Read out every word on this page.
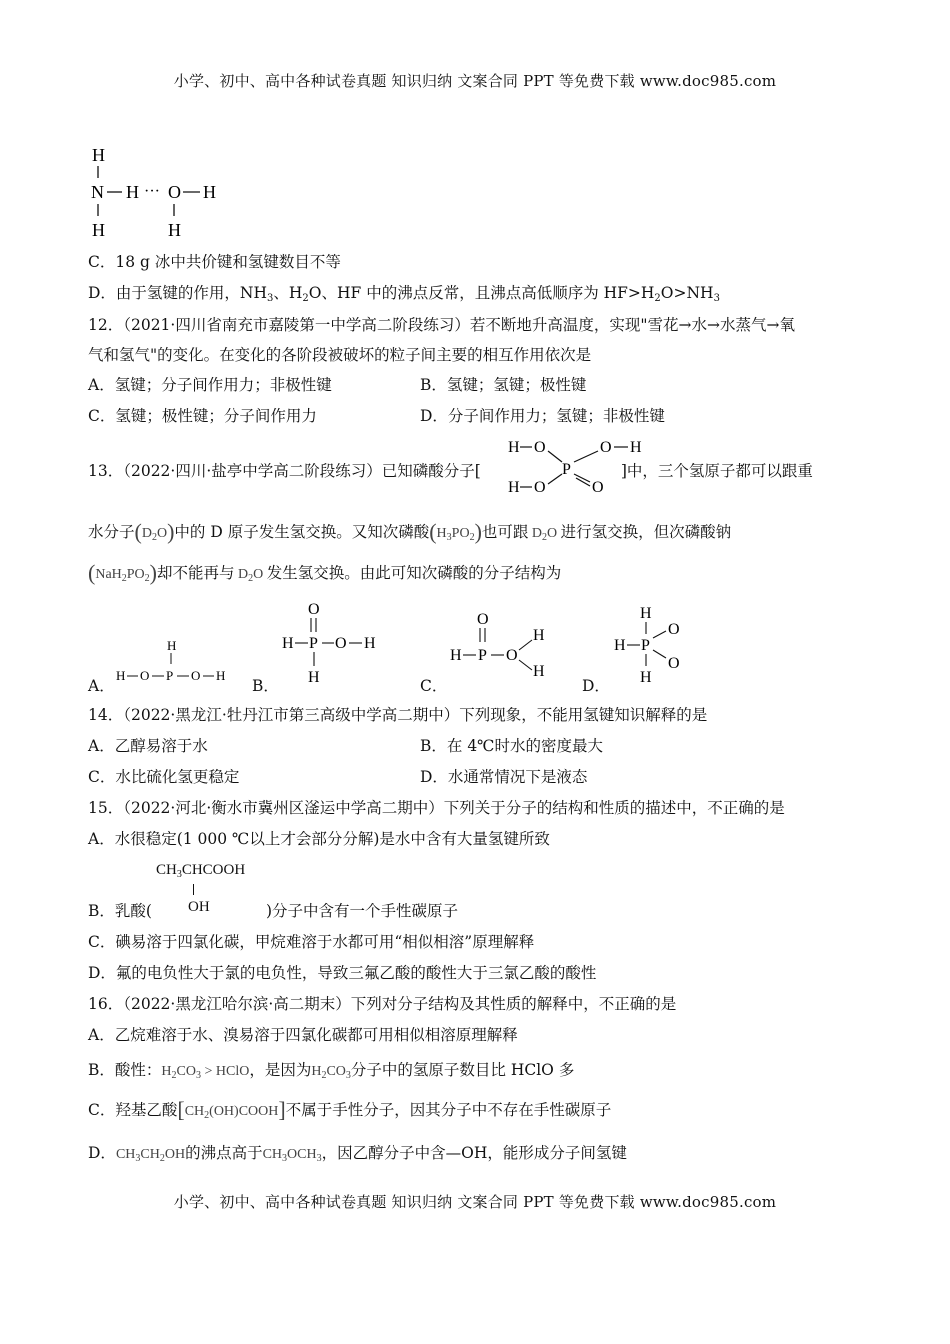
小学、初中、高中各种试卷真题 知识归纳 文案合同 PPT 等免费下载 www.doc985.com
H
N H ··· O H
H	H
C．18 g 冰中共价键和氢键数目不等
D．由于氢键的作用，$NH_3$、$H_2O$、HF 中的沸点反常，且沸点高低顺序为 $HF>H_2O>NH_3$
12．（2021·四川省南充市嘉陵第一中学高二阶段练习）若不断地升高温度，实现"雪花→水→水蒸气→氧
气和氢气"的变化。在变化的各阶段被破坏的粒子间主要的相互作用依次是
A．氢键；分子间作用力；非极性键	B．氢键；氢键；极性键
C．氢键；极性键；分子间作用力	D．分子间作用力；氢键；非极性键
13．（2022·四川·盐亭中学高二阶段练习）已知磷酸分子[	]中，三个氢原子都可以跟重
H O	O H
P
H O	O
水分子$(D_2O)$中的 D 原子发生氢交换。又知次磷酸$(H_3PO_2)$也可跟 $D_2O$ 进行氢交换，但次磷酸钠
$(NaH_2PO_2)$却不能再与 $D_2O$ 发生氢交换。由此可知次磷酸的分子结构为
A．	B．	C．	D．
H
H O P O H
O
H P O H
H
O
H P O
H
H
H
H P
O
O
H
14．（2022·黑龙江·牡丹江市第三高级中学高二期中）下列现象，不能用氢键知识解释的是
A．乙醇易溶于水	B．在 4℃时水的密度最大
C．水比硫化氢更稳定	D．水通常情况下是液态
15．（2022·河北·衡水市冀州区滏运中学高二期中）下列关于分子的结构和性质的描述中，不正确的是
A．水很稳定(1 000 ℃以上才会部分分解)是水中含有大量氢键所致
$CH_3CHCOOH$
OH
B．乳酸(	)分子中含有一个手性碳原子
C．碘易溶于四氯化碳，甲烷难溶于水都可用“相似相溶”原理解释
D．氟的电负性大于氯的电负性，导致三氟乙酸的酸性大于三氯乙酸的酸性
16．（2022·黑龙江哈尔滨·高二期末）下列对分子结构及其性质的解释中，不正确的是
A．乙烷难溶于水、溴易溶于四氯化碳都可用相似相溶原理解释
B．酸性：$H_2CO_3$ > HClO，是因为$H_2CO_3$分子中的氢原子数目比 HClO 多
C．羟基乙酸$[CH_2(OH)COOH]$不属于手性分子，因其分子中不存在手性碳原子
D．$CH_3CH_2OH$的沸点高于$CH_3OCH_3$，因乙醇分子中含—OH，能形成分子间氢键
小学、初中、高中各种试卷真题 知识归纳 文案合同 PPT 等免费下载 www.doc985.com
